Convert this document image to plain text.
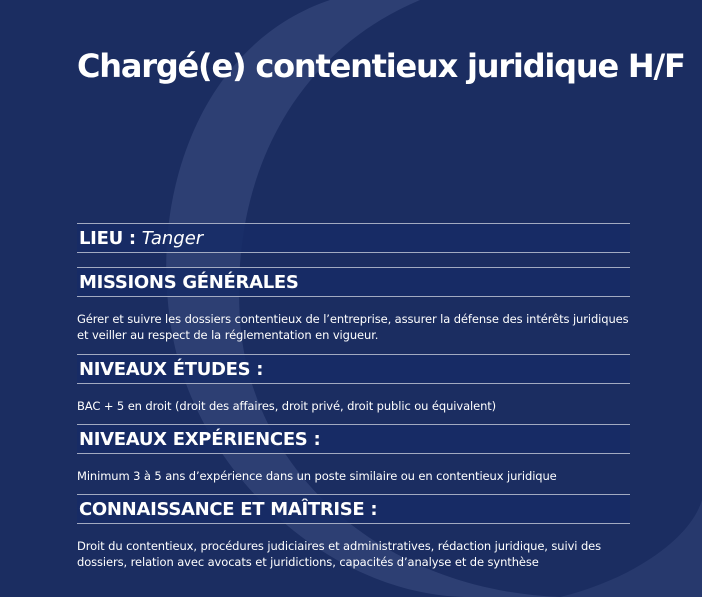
Chargé(e) contentieux juridique H/F
LIEU : Tanger
MISSIONS GÉNÉRALES

Gérer et suivre les dossiers contentieux de l’entreprise, assurer la défense des intérêts juridiques et veiller au respect de la réglementation en vigueur.

NIVEAUX ÉTUDES :

BAC + 5 en droit (droit des affaires, droit privé, droit public ou équivalent)

NIVEAUX EXPÉRIENCES :

Minimum 3 à 5 ans d’expérience dans un poste similaire ou en contentieux juridique

CONNAISSANCE ET MAÎTRISE :

Droit du contentieux, procédures judiciaires et administratives, rédaction juridique, suivi des dossiers, relation avec avocats et juridictions, capacités d’analyse et de synthèse
